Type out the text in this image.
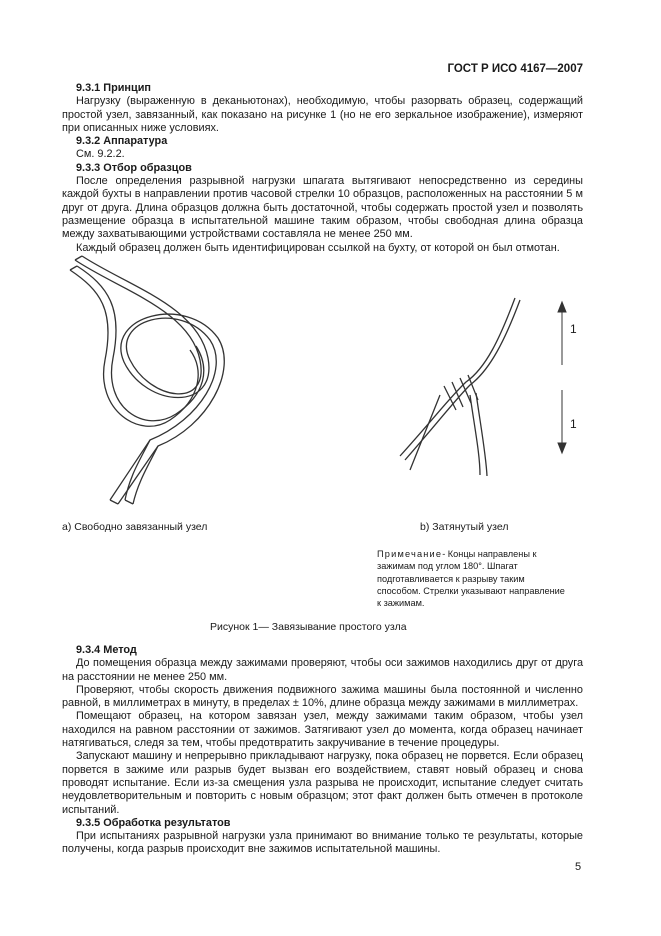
ГОСТ Р ИСО 4167—2007
9.3.1 Принцип

Нагрузку (выраженную в деканьютонах), необходимую, чтобы разорвать образец, содержащий простой узел, завязанный, как показано на рисунке 1 (но не его зеркальное изображение), измеряют при описанных ниже условиях.

9.3.2 Аппаратура

См. 9.2.2.

9.3.3 Отбор образцов

После определения разрывной нагрузки шпагата вытягивают непосредственно из середины каждой бухты в направлении против часовой стрелки 10 образцов, расположенных на расстоянии 5 м друг от друга. Длина образцов должна быть достаточной, чтобы содержать простой узел и позволять размещение образца в испытательной машине таким образом, чтобы свободная длина образца между захватывающими устройствами составляла не менее 250 мм.

Каждый образец должен быть идентифицирован ссылкой на бухту, от которой он был отмотан.

1
1
a) Свободно завязанный узел	b) Затянутый узел
Примечание- Концы направлены к зажимам под углом 180°. Шпагат подготавливается к разрыву таким способом. Стрелки указывают направление к зажимам.
Рисунок 1— Завязывание простого узла
9.3.4 Метод

До помещения образца между зажимами проверяют, чтобы оси зажимов находились друг от друга на расстоянии не менее 250 мм.

Проверяют, чтобы скорость движения подвижного зажима машины была постоянной и численно равной, в миллиметрах в минуту, в пределах ± 10%, длине образца между зажимами в миллиметрах.

Помещают образец, на котором завязан узел, между зажимами таким образом, чтобы узел находился на равном расстоянии от зажимов. Затягивают узел до момента, когда образец начинает натягиваться, следя за тем, чтобы предотвратить закручивание в течение процедуры.

Запускают машину и непрерывно прикладывают нагрузку, пока образец не порвется. Если образец порвется в зажиме или разрыв будет вызван его воздействием, ставят новый образец и снова проводят испытание. Если из-за смещения узла разрыва не происходит, испытание следует считать неудовлетворительным и повторить с новым образцом; этот факт должен быть отмечен в протоколе испытаний.

9.3.5 Обработка результатов

При испытаниях разрывной нагрузки узла принимают во внимание только те результаты, которые получены, когда разрыв происходит вне зажимов испытательной машины.

5
